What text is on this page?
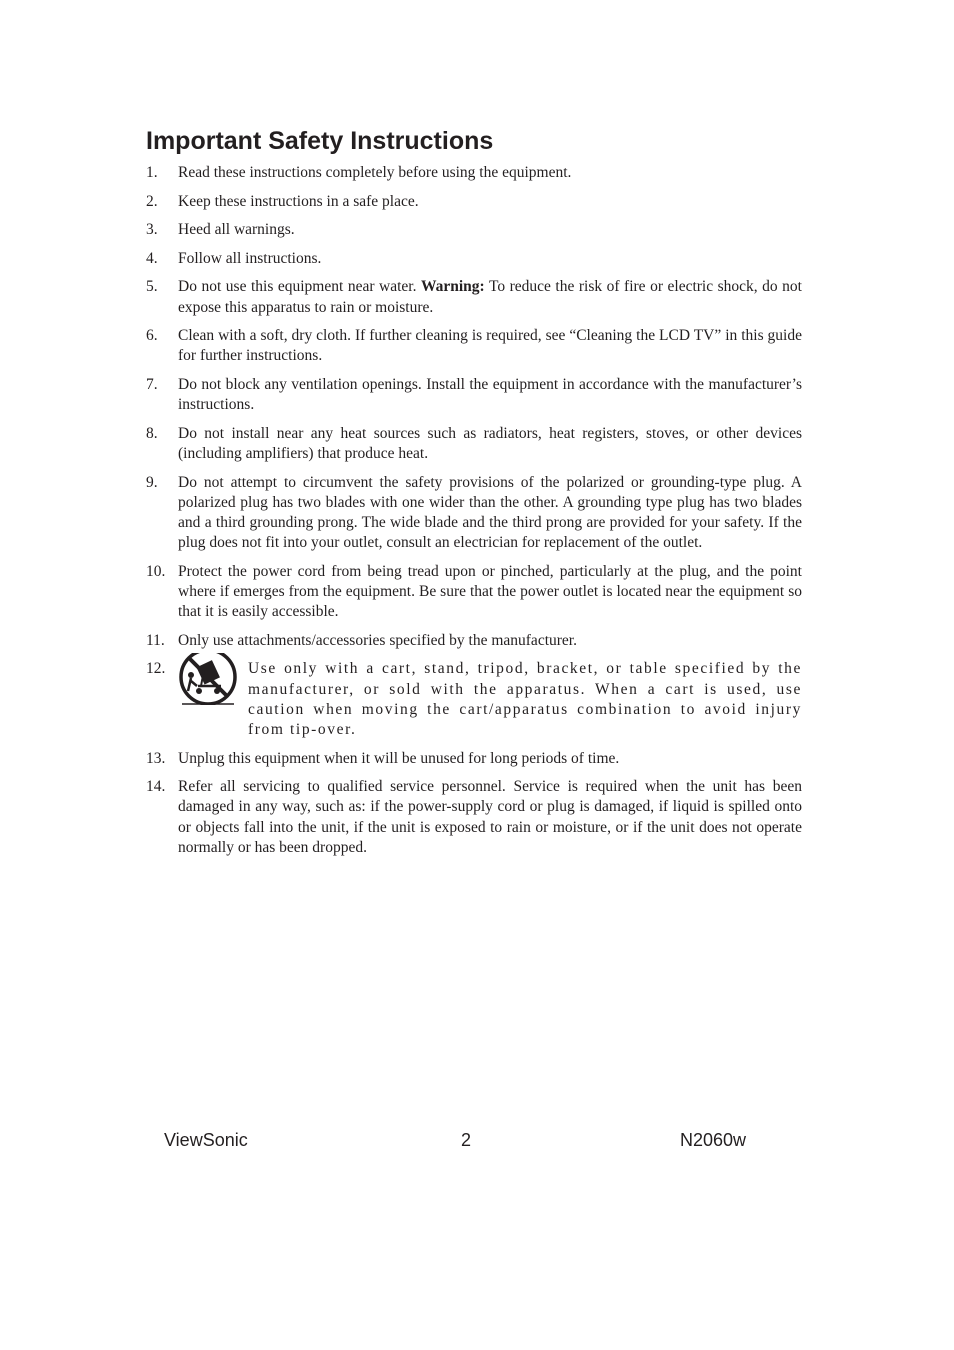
Important Safety Instructions
1. Read these instructions completely before using the equipment.
2. Keep these instructions in a safe place.
3. Heed all warnings.
4. Follow all instructions.
5. Do not use this equipment near water. Warning: To reduce the risk of fire or electric shock, do not expose this apparatus to rain or moisture.
6. Clean with a soft, dry cloth. If further cleaning is required, see “Cleaning the LCD TV” in this guide for further instructions.
7. Do not block any ventilation openings. Install the equipment in accordance with the manufacturer’s instructions.
8. Do not install near any heat sources such as radiators, heat registers, stoves, or other devices (including amplifiers) that produce heat.
9. Do not attempt to circumvent the safety provisions of the polarized or grounding-type plug. A polarized plug has two blades with one wider than the other. A grounding type plug has two blades and a third grounding prong. The wide blade and the third prong are provided for your safety. If the plug does not fit into your outlet, consult an electrician for replacement of the outlet.
10. Protect the power cord from being tread upon or pinched, particularly at the plug, and the point where if emerges from the equipment. Be sure that the power outlet is located near the equipment so that it is easily accessible.
11. Only use attachments/accessories specified by the manufacturer.
12.	Use only with a cart, stand, tripod, bracket, or table specified by the manufacturer, or sold with the apparatus. When a cart is used, use caution when moving the cart/apparatus combination to avoid injury from tip-over.
13. Unplug this equipment when it will be unused for long periods of time.
14. Refer all servicing to qualified service personnel. Service is required when the unit has been damaged in any way, such as: if the power-supply cord or plug is damaged, if liquid is spilled onto or objects fall into the unit, if the unit is exposed to rain or moisture, or if the unit does not operate normally or has been dropped.
ViewSonic	2	N2060w
